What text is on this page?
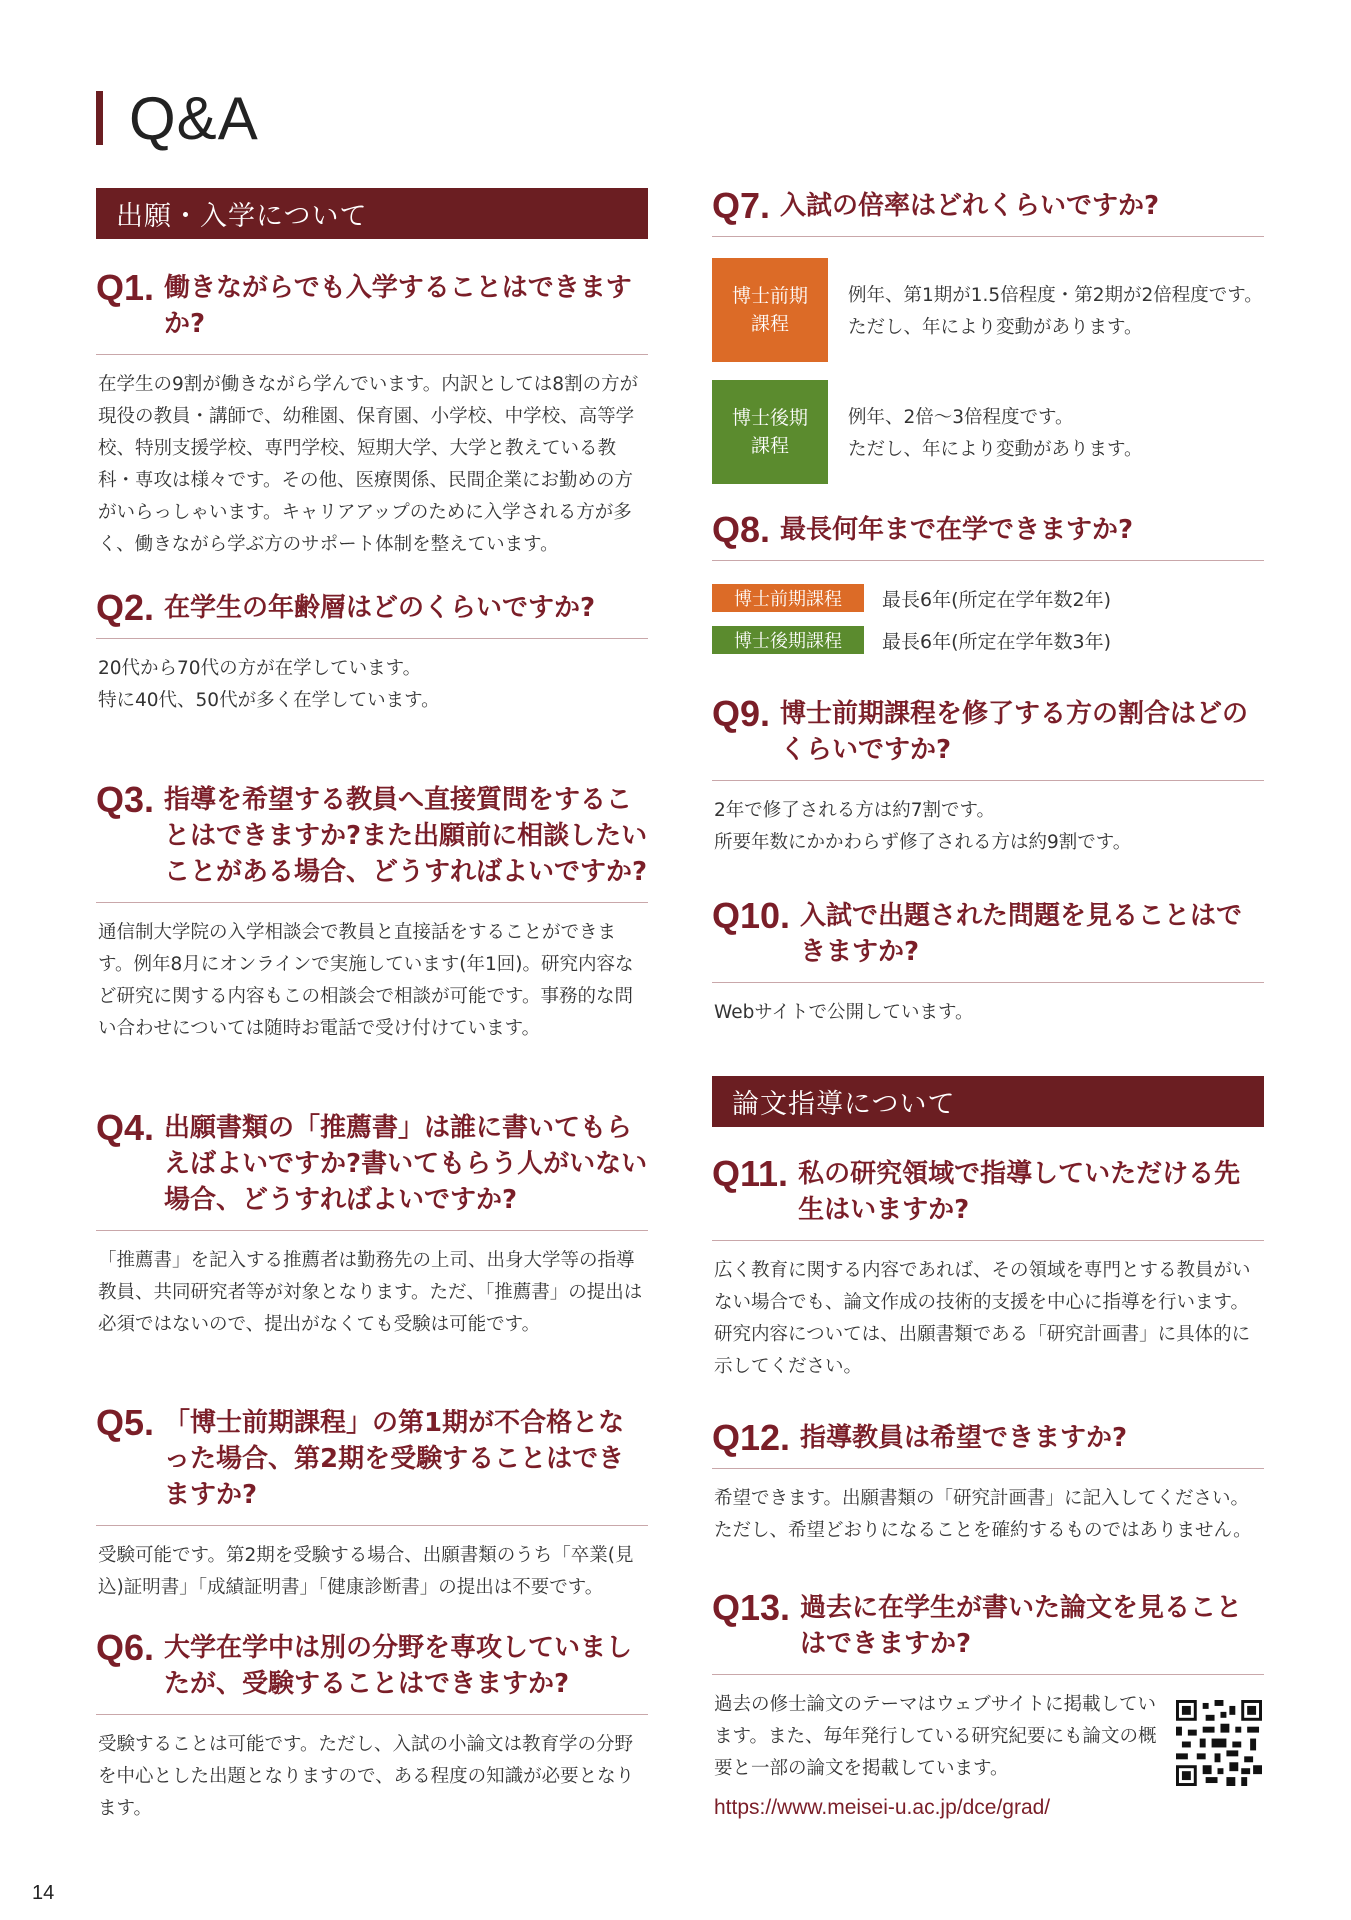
Q&A
出願・入学について
Q1. 働きながらでも入学することはできますか?
在学生の9割が働きながら学んでいます。内訳としては8割の方が現役の教員・講師で、幼稚園、保育園、小学校、中学校、高等学校、特別支援学校、専門学校、短期大学、大学と教えている教科・専攻は様々です。その他、医療関係、民間企業にお勤めの方がいらっしゃいます。キャリアアップのために入学される方が多く、働きながら学ぶ方のサポート体制を整えています。
Q2. 在学生の年齢層はどのくらいですか?
20代から70代の方が在学しています。
特に40代、50代が多く在学しています。
Q3. 指導を希望する教員へ直接質問をすることはできますか?また出願前に相談したいことがある場合、どうすればよいですか?
通信制大学院の入学相談会で教員と直接話をすることができます。例年8月にオンラインで実施しています(年1回)。研究内容など研究に関する内容もこの相談会で相談が可能です。事務的な問い合わせについては随時お電話で受け付けています。
Q4. 出願書類の「推薦書」は誰に書いてもらえばよいですか?書いてもらう人がいない場合、どうすればよいですか?
「推薦書」を記入する推薦者は勤務先の上司、出身大学等の指導教員、共同研究者等が対象となります。ただ、「推薦書」の提出は必須ではないので、提出がなくても受験は可能です。
Q5. 「博士前期課程」の第1期が不合格となった場合、第2期を受験することはできますか?
受験可能です。第2期を受験する場合、出願書類のうち「卒業(見込)証明書」「成績証明書」「健康診断書」の提出は不要です。
Q6. 大学在学中は別の分野を専攻していましたが、受験することはできますか?
受験することは可能です。ただし、入試の小論文は教育学の分野を中心とした出題となりますので、ある程度の知識が必要となります。
Q7. 入試の倍率はどれくらいですか?
博士前期
課程
例年、第1期が1.5倍程度・第2期が2倍程度です。
ただし、年により変動があります。
博士後期
課程
例年、2倍〜3倍程度です。
ただし、年により変動があります。
Q8. 最長何年まで在学できますか?
博士前期課程	最長6年(所定在学年数2年)
博士後期課程	最長6年(所定在学年数3年)
Q9. 博士前期課程を修了する方の割合はどのくらいですか?
2年で修了される方は約7割です。
所要年数にかかわらず修了される方は約9割です。
Q10. 入試で出題された問題を見ることはできますか?
Webサイトで公開しています。
論文指導について
Q11. 私の研究領域で指導していただける先生はいますか?
広く教育に関する内容であれば、その領域を専門とする教員がいない場合でも、論文作成の技術的支援を中心に指導を行います。研究内容については、出願書類である「研究計画書」に具体的に示してください。
Q12. 指導教員は希望できますか?
希望できます。出願書類の「研究計画書」に記入してください。
ただし、希望どおりになることを確約するものではありません。
Q13. 過去に在学生が書いた論文を見ることはできますか?
過去の修士論文のテーマはウェブサイトに掲載しています。また、毎年発行している研究紀要にも論文の概要と一部の論文を掲載しています。
https://www.meisei-u.ac.jp/dce/grad/
14
